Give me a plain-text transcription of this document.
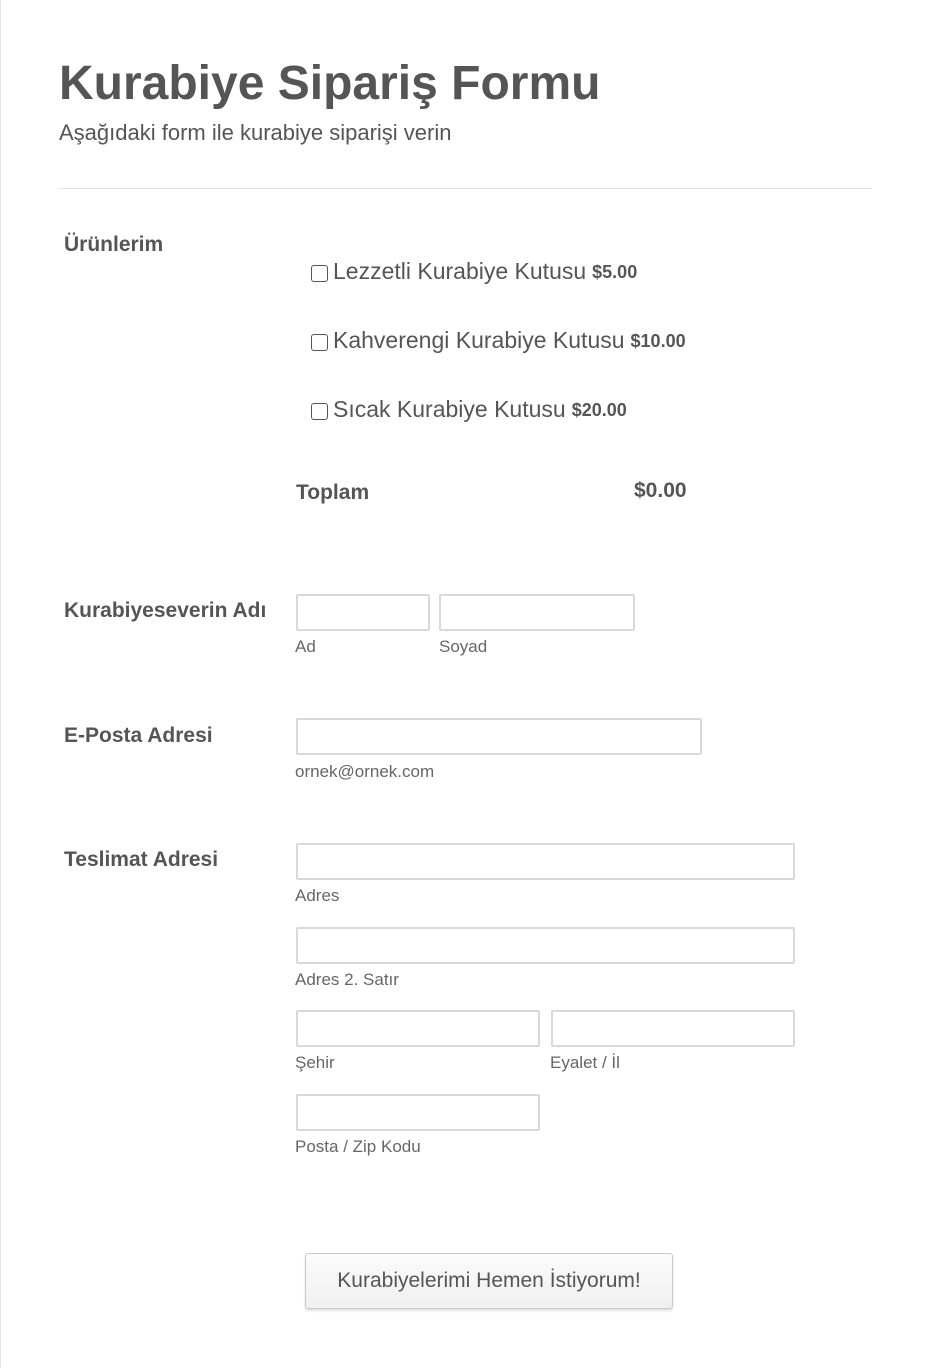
Kurabiye Sipariş Formu
Aşağıdaki form ile kurabiye siparişi verin
Ürünlerim
Lezzetli Kurabiye Kutusu $5.00
Kahverengi Kurabiye Kutusu $10.00
Sıcak Kurabiye Kutusu $20.00
Toplam	$0.00
Kurabiyeseverin Adı
Ad	Soyad
E-Posta Adresi
ornek@ornek.com
Teslimat Adresi
Adres
Adres 2. Satır
Şehir	Eyalet / İl
Posta / Zip Kodu
Kurabiyelerimi Hemen İstiyorum!
